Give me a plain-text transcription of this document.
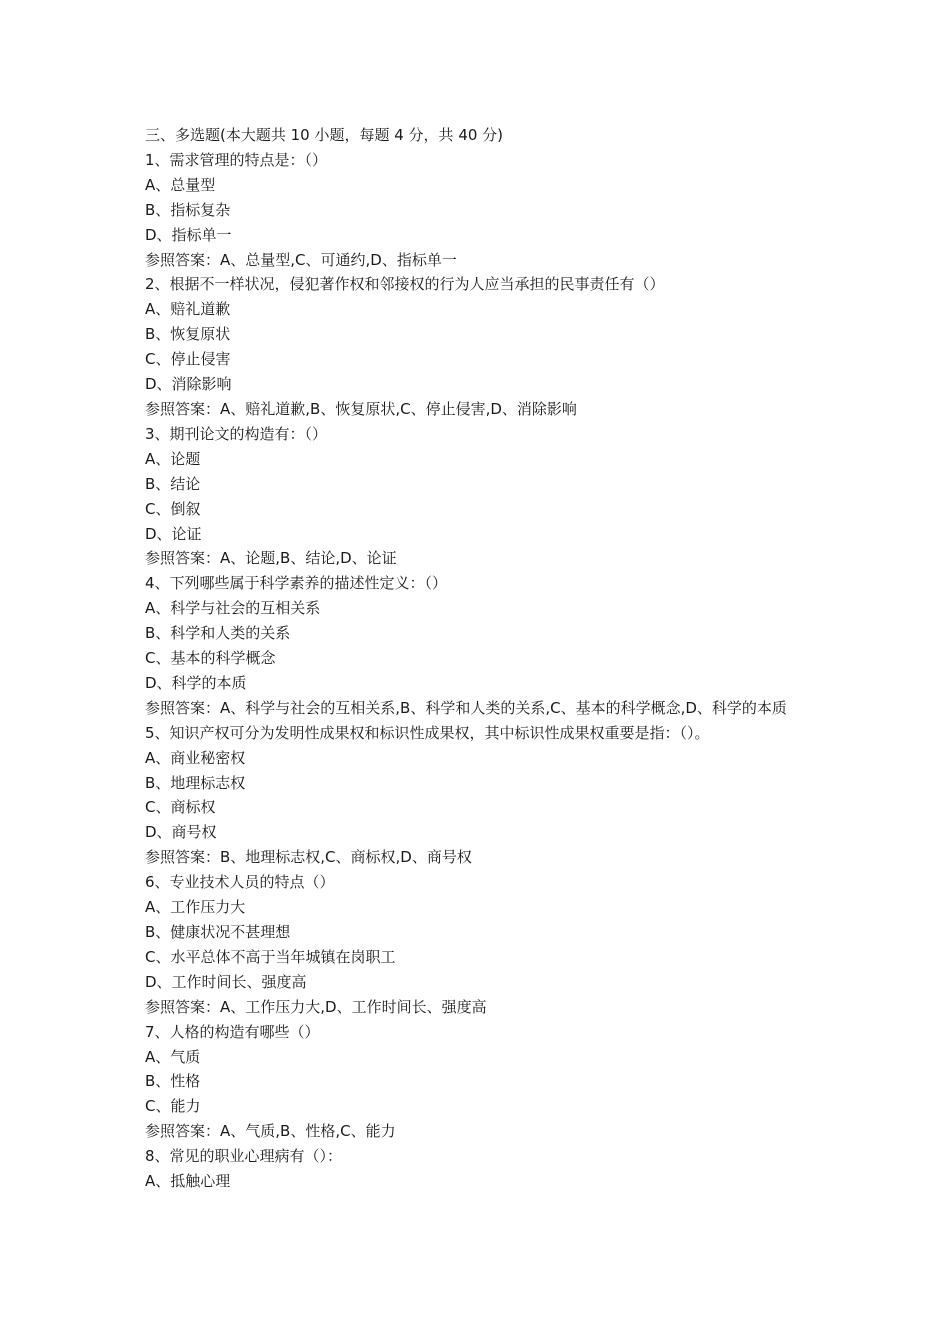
三、多选题(本大题共 10 小题，每题 4 分，共 40 分)

1、需求管理的特点是：（）

A、总量型

B、指标复杂

D、指标单一

参照答案：A、总量型,C、可通约,D、指标单一

2、根据不一样状况，侵犯著作权和邻接权的行为人应当承担的民事责任有（）

A、赔礼道歉

B、恢复原状

C、停止侵害

D、消除影响

参照答案：A、赔礼道歉,B、恢复原状,C、停止侵害,D、消除影响

3、期刊论文的构造有：（）

A、论题

B、结论

C、倒叙

D、论证

参照答案：A、论题,B、结论,D、论证

4、下列哪些属于科学素养的描述性定义：（）

A、科学与社会的互相关系

B、科学和人类的关系

C、基本的科学概念

D、科学的本质

参照答案：A、科学与社会的互相关系,B、科学和人类的关系,C、基本的科学概念,D、科学的本质

5、知识产权可分为发明性成果权和标识性成果权，其中标识性成果权重要是指：（）。

A、商业秘密权

B、地理标志权

C、商标权

D、商号权

参照答案：B、地理标志权,C、商标权,D、商号权

6、专业技术人员的特点（）

A、工作压力大

B、健康状况不甚理想

C、水平总体不高于当年城镇在岗职工

D、工作时间长、强度高

参照答案：A、工作压力大,D、工作时间长、强度高

7、人格的构造有哪些（）

A、气质

B、性格

C、能力

参照答案：A、气质,B、性格,C、能力

8、常见的职业心理病有（）：

A、抵触心理
